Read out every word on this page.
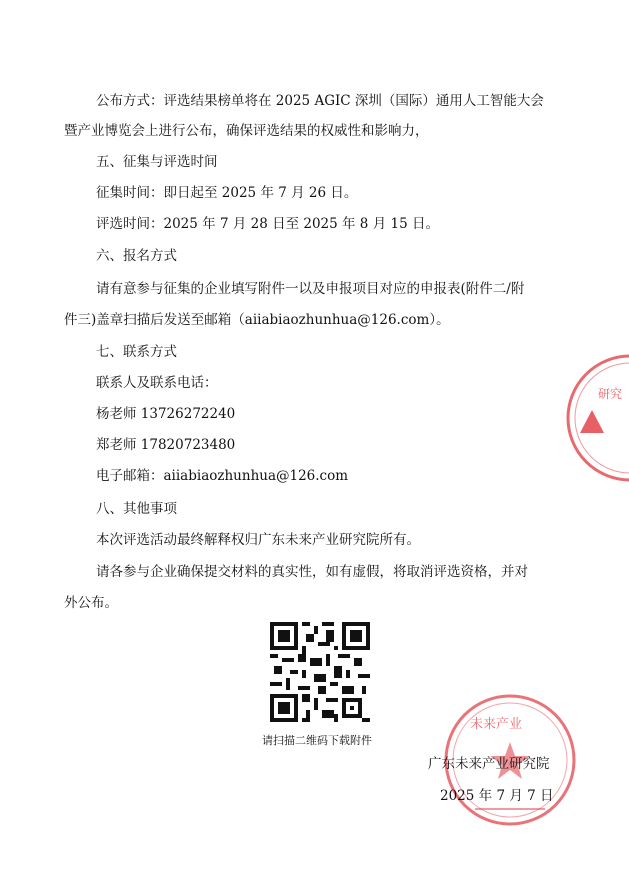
公布方式：评选结果榜单将在 2025 AGIC 深圳（国际）通用人工智能大会
暨产业博览会上进行公布，确保评选结果的权威性和影响力，
五、征集与评选时间
征集时间：即日起至 2025 年 7 月 26 日。
评选时间：2025 年 7 月 28 日至 2025 年 8 月 15 日。
六、报名方式
请有意参与征集的企业填写附件一以及申报项目对应的申报表(附件二/附
件三)盖章扫描后发送至邮箱（aiiabiaozhunhua@126.com）。
七、联系方式
联系人及联系电话：
杨老师 13726272240
郑老师 17820723480
电子邮箱：aiiabiaozhunhua@126.com
八、其他事项
本次评选活动最终解释权归广东未来产业研究院所有。
请各参与企业确保提交材料的真实性，如有虚假，将取消评选资格，并对
外公布。
研究
请扫描二维码下载附件
未来产业
广东未来产业研究院
2025 年 7 月 7 日
